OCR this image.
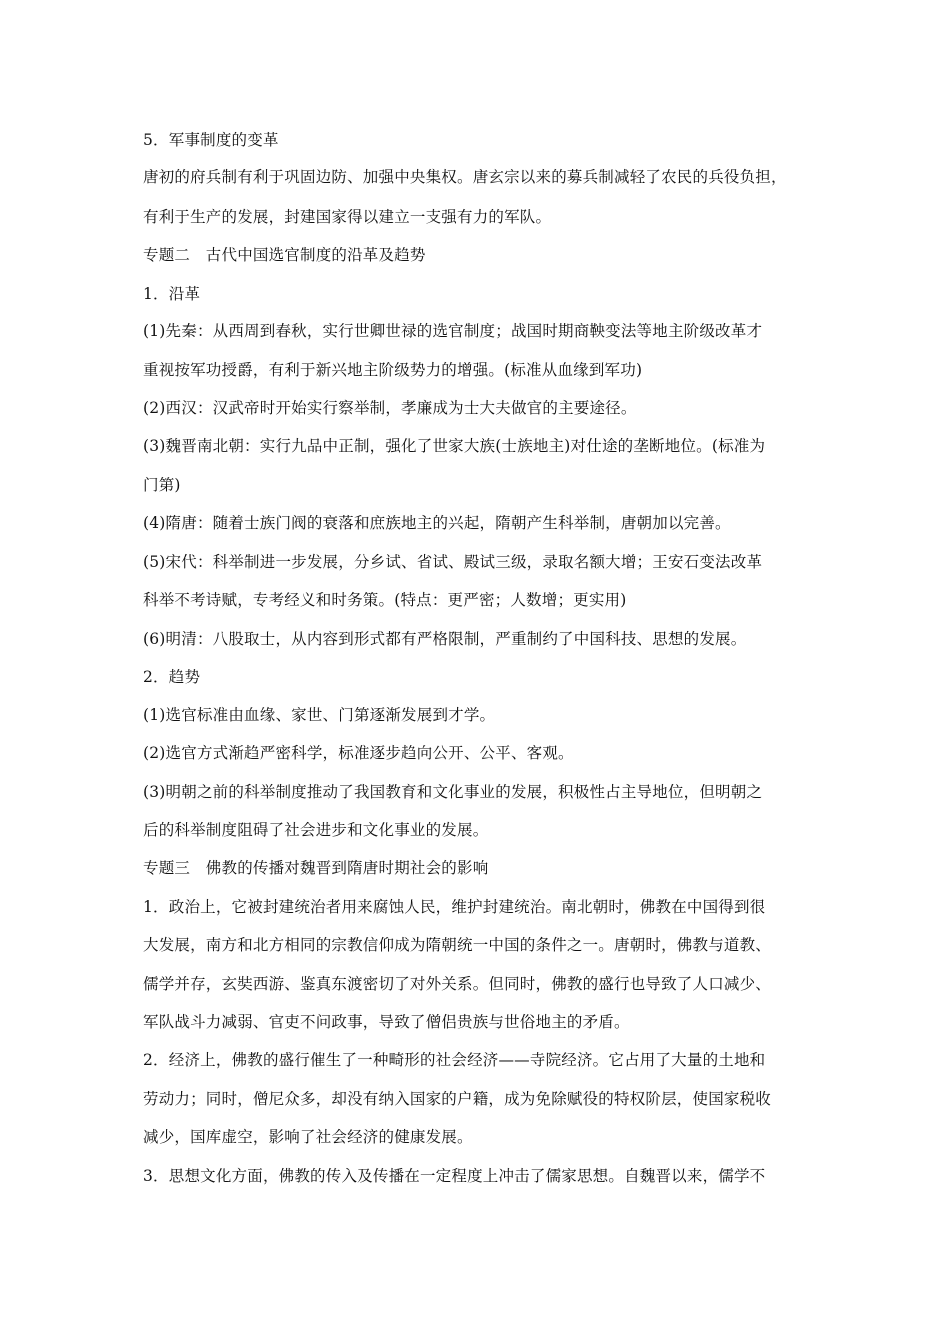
5．军事制度的变革
唐初的府兵制有利于巩固边防、加强中央集权。唐玄宗以来的募兵制减轻了农民的兵役负担，
有利于生产的发展，封建国家得以建立一支强有力的军队。
专题二　古代中国选官制度的沿革及趋势
1．沿革
(1)先秦：从西周到春秋，实行世卿世禄的选官制度；战国时期商鞅变法等地主阶级改革才
重视按军功授爵，有利于新兴地主阶级势力的增强。(标准从血缘到军功)
(2)西汉：汉武帝时开始实行察举制，孝廉成为士大夫做官的主要途径。
(3)魏晋南北朝：实行九品中正制，强化了世家大族(士族地主)对仕途的垄断地位。(标准为
门第)
(4)隋唐：随着士族门阀的衰落和庶族地主的兴起，隋朝产生科举制，唐朝加以完善。
(5)宋代：科举制进一步发展，分乡试、省试、殿试三级，录取名额大增；王安石变法改革
科举不考诗赋，专考经义和时务策。(特点：更严密；人数增；更实用)
(6)明清：八股取士，从内容到形式都有严格限制，严重制约了中国科技、思想的发展。
2．趋势
(1)选官标准由血缘、家世、门第逐渐发展到才学。
(2)选官方式渐趋严密科学，标准逐步趋向公开、公平、客观。
(3)明朝之前的科举制度推动了我国教育和文化事业的发展，积极性占主导地位，但明朝之
后的科举制度阻碍了社会进步和文化事业的发展。
专题三　佛教的传播对魏晋到隋唐时期社会的影响
1．政治上，它被封建统治者用来腐蚀人民，维护封建统治。南北朝时，佛教在中国得到很
大发展，南方和北方相同的宗教信仰成为隋朝统一中国的条件之一。唐朝时，佛教与道教、
儒学并存，玄奘西游、鉴真东渡密切了对外关系。但同时，佛教的盛行也导致了人口减少、
军队战斗力减弱、官吏不问政事，导致了僧侣贵族与世俗地主的矛盾。
2．经济上，佛教的盛行催生了一种畸形的社会经济——寺院经济。它占用了大量的土地和
劳动力；同时，僧尼众多，却没有纳入国家的户籍，成为免除赋役的特权阶层，使国家税收
减少，国库虚空，影响了社会经济的健康发展。
3．思想文化方面，佛教的传入及传播在一定程度上冲击了儒家思想。自魏晋以来，儒学不
